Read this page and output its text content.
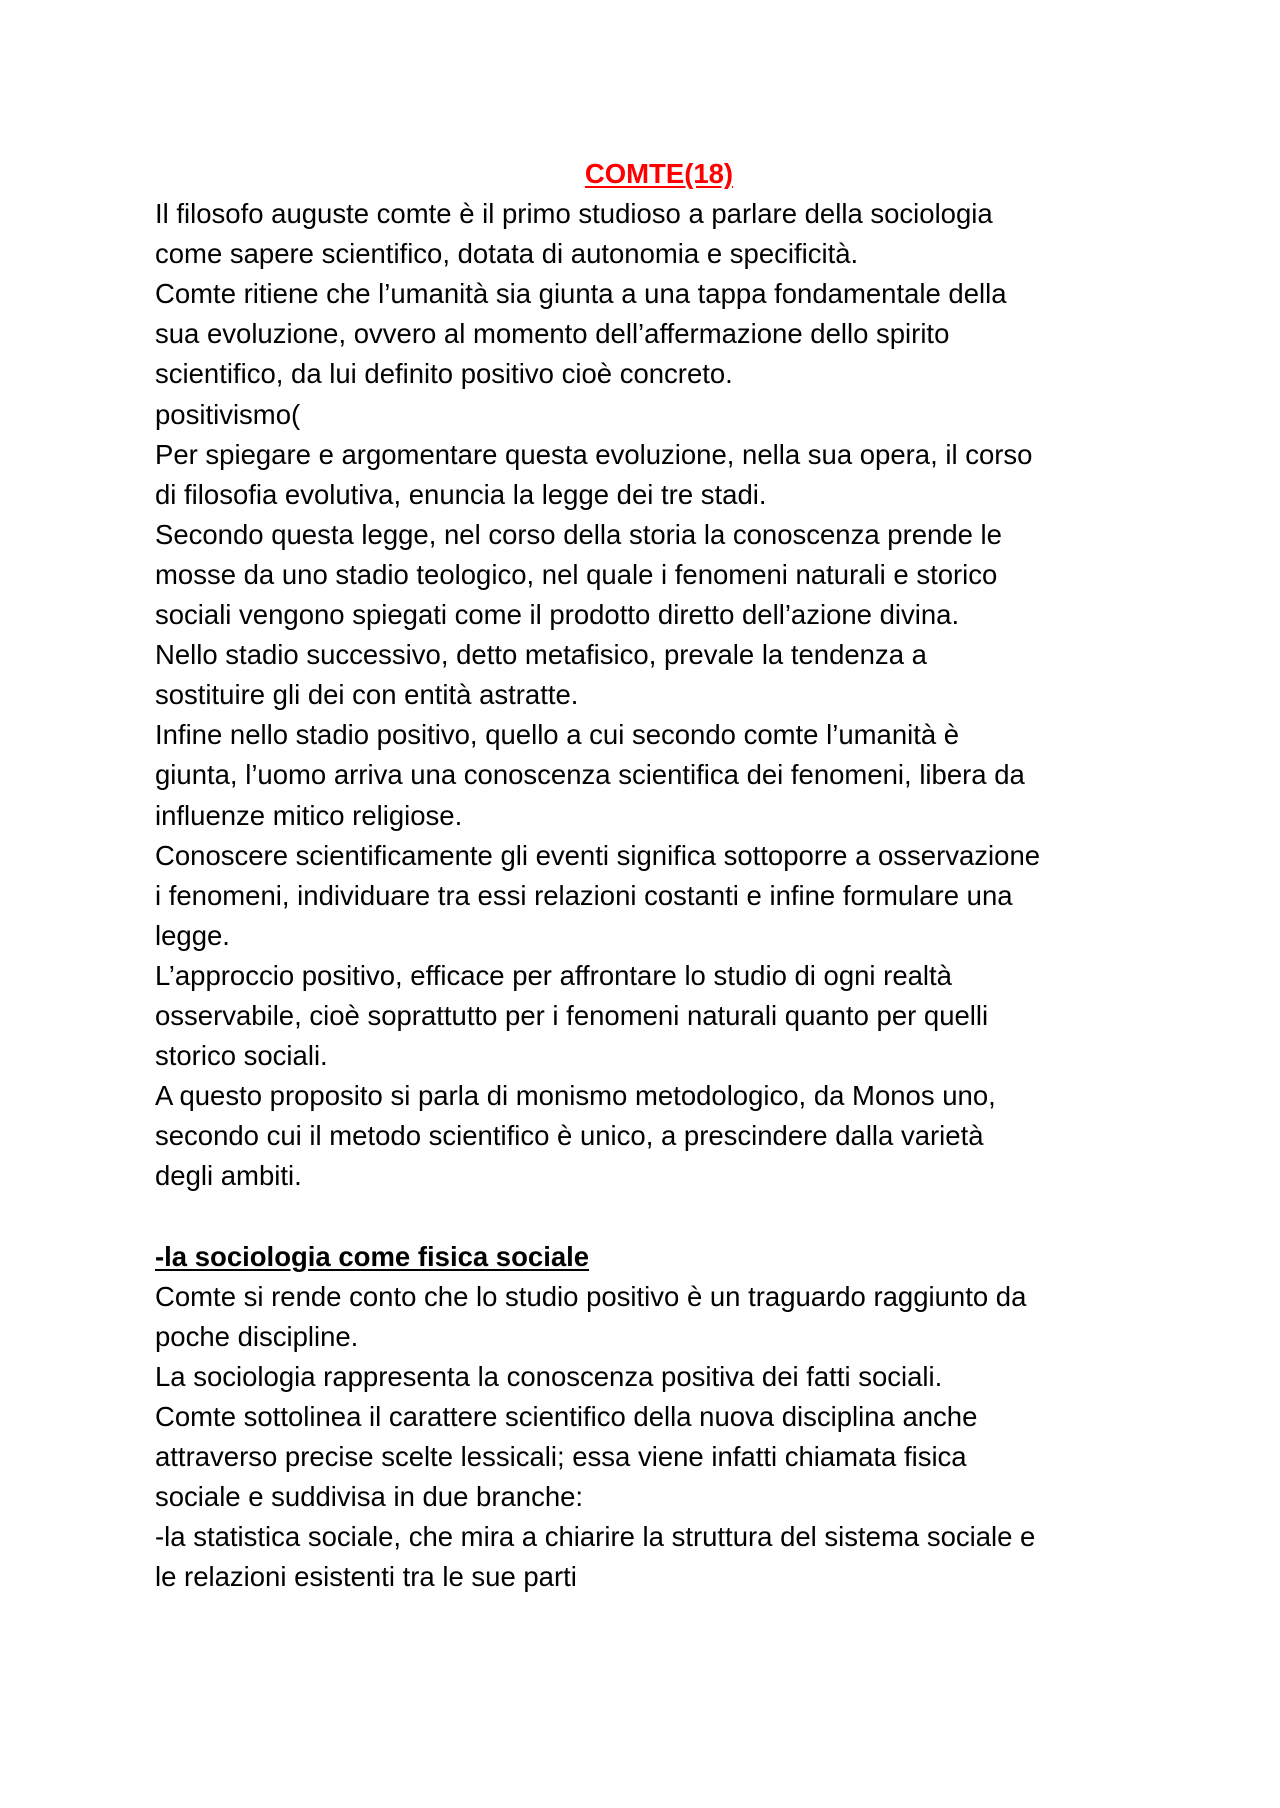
COMTE(18)

Il filosofo auguste comte è il primo studioso a parlare della sociologia

come sapere scientifico, dotata di autonomia e specificità.

Comte ritiene che l’umanità sia giunta a una tappa fondamentale della

sua evoluzione, ovvero al momento dell’affermazione dello spirito

scientifico, da lui definito positivo cioè concreto.

positivismo(

Per spiegare e argomentare questa evoluzione, nella sua opera, il corso

di filosofia evolutiva, enuncia la legge dei tre stadi.

Secondo questa legge, nel corso della storia la conoscenza prende le

mosse da uno stadio teologico, nel quale i fenomeni naturali e storico

sociali vengono spiegati come il prodotto diretto dell’azione divina.

Nello stadio successivo, detto metafisico, prevale la tendenza a

sostituire gli dei con entità astratte.

Infine nello stadio positivo, quello a cui secondo comte l’umanità è

giunta, l’uomo arriva una conoscenza scientifica dei fenomeni, libera da

influenze mitico religiose.

Conoscere scientificamente gli eventi significa sottoporre a osservazione

i fenomeni, individuare tra essi relazioni costanti e infine formulare una

legge.

L’approccio positivo, efficace per affrontare lo studio di ogni realtà

osservabile, cioè soprattutto per i fenomeni naturali quanto per quelli

storico sociali.

A questo proposito si parla di monismo metodologico, da Monos uno,

secondo cui il metodo scientifico è unico, a prescindere dalla varietà

degli ambiti.

-la sociologia come fisica sociale

Comte si rende conto che lo studio positivo è un traguardo raggiunto da

poche discipline.

La sociologia rappresenta la conoscenza positiva dei fatti sociali.

Comte sottolinea il carattere scientifico della nuova disciplina anche

attraverso precise scelte lessicali; essa viene infatti chiamata fisica

sociale e suddivisa in due branche:

-la statistica sociale, che mira a chiarire la struttura del sistema sociale e

le relazioni esistenti tra le sue parti
